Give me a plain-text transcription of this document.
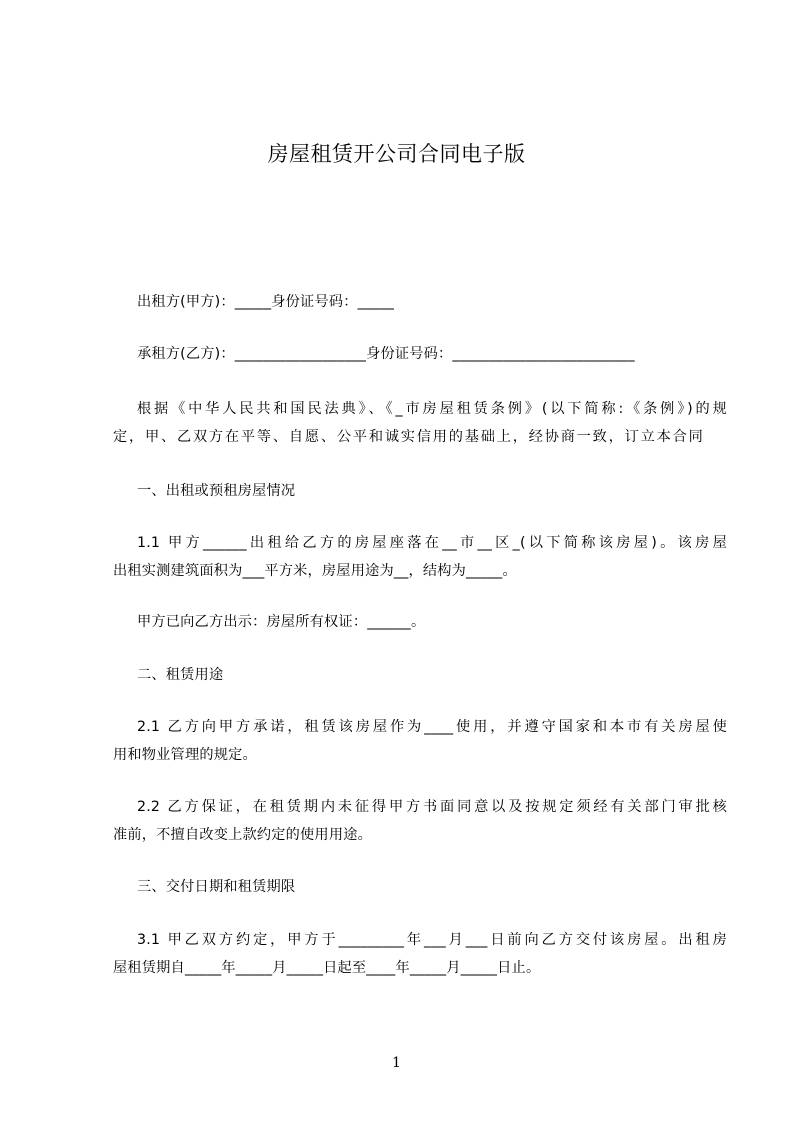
房屋租赁开公司合同电子版
出租方(甲方)：_____身份证号码：_____
承租方(乙方)：__________________身份证号码：_________________________
根据《中华人民共和国民法典》、《_市房屋租赁条例》(以下简称:《条例》)的规
定，甲、乙双方在平等、自愿、公平和诚实信用的基础上，经协商一致，订立本合同
一、出租或预租房屋情况
1.1 甲方______出租给乙方的房屋座落在__市__区_(以下简称该房屋)。该房屋
出租实测建筑面积为___平方米，房屋用途为__，结构为_____。
甲方已向乙方出示：房屋所有权证：______。
二、租赁用途
2.1 乙方向甲方承诺，租赁该房屋作为____使用，并遵守国家和本市有关房屋使
用和物业管理的规定。
2.2 乙方保证，在租赁期内未征得甲方书面同意以及按规定须经有关部门审批核
准前，不擅自改变上款约定的使用用途。
三、交付日期和租赁期限
3.1 甲乙双方约定，甲方于_________年___月___日前向乙方交付该房屋。出租房
屋租赁期自_____年_____月_____日起至____年_____月_____日止。
1
